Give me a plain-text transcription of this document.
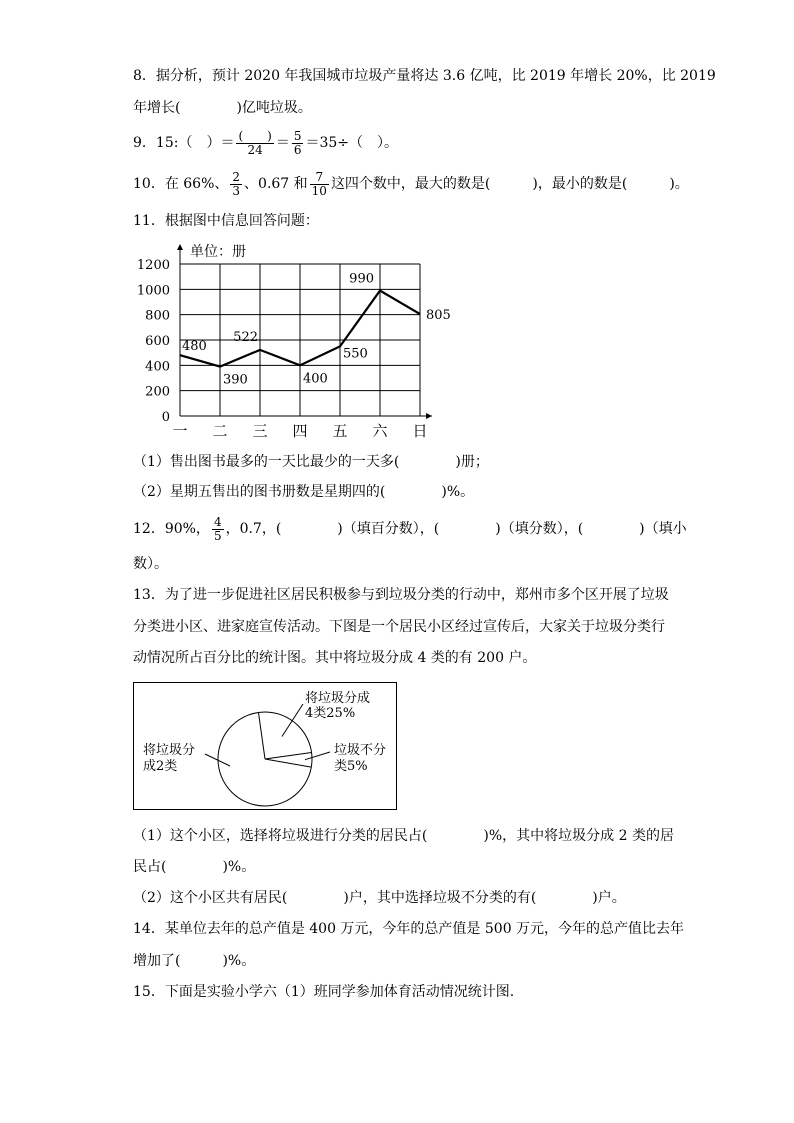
8．据分析，预计 2020 年我国城市垃圾产量将达 3.6 亿吨，比 2019 年增长 20%，比 2019
年增长(　　　　)亿吨垃圾。
9．15:（　）＝ $\frac{( )}{24} = \frac{5}{6} =35\div$（　）。
10．在 66%、 $\frac{2}{3}$ 、0.67 和 $\frac{7}{10}$ 这四个数中，最大的数是(　　　)，最小的数是(　　　)。
11．根据图中信息回答问题：
单位：册
0
200
400
600
800
1000
1200
一 二 三 四 五 六 日
480
390
522
400
550
990
805
（1）售出图书最多的一天比最少的一天多(　　　　)册；
（2）星期五售出的图书册数是星期四的(　　　　)%。
12．90%， $\frac{4}{5}$ ，0.7，(　　　　)（填百分数），(　　　　)（填分数），(　　　　)（填小
数）。
13．为了进一步促进社区居民积极参与到垃圾分类的行动中，郑州市多个区开展了垃圾
分类进小区、进家庭宣传活动。下图是一个居民小区经过宣传后，大家关于垃圾分类行
动情况所占百分比的统计图。其中将垃圾分成 4 类的有 200 户。
将垃圾分成
4类25%
垃圾不分
类5%
将垃圾分
成2类
（1）这个小区，选择将垃圾进行分类的居民占(　　　　)%，其中将垃圾分成 2 类的居
民占(　　　　)%。
（2）这个小区共有居民(　　　　)户，其中选择垃圾不分类的有(　　　　)户。
14．某单位去年的总产值是 400 万元，今年的总产值是 500 万元，今年的总产值比去年
增加了(　　　)%。
15．下面是实验小学六（1）班同学参加体育活动情况统计图.
